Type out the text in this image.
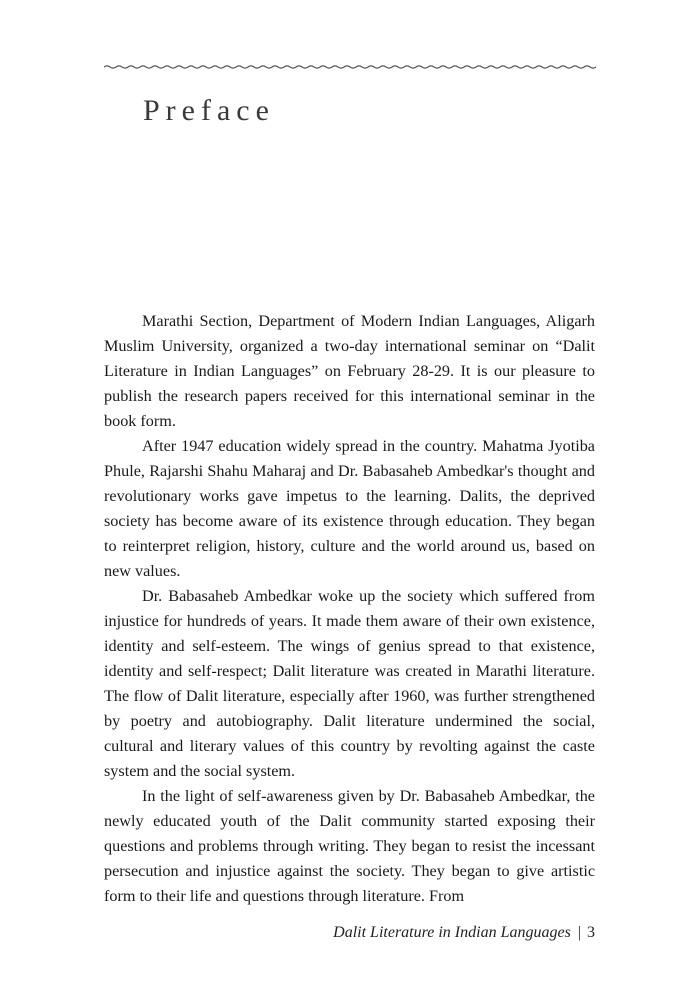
Preface

Marathi Section, Department of Modern Indian Languages, Aligarh Muslim University, organized a two-day international seminar on “Dalit Literature in Indian Languages” on February 28-29. It is our pleasure to publish the research papers received for this international seminar in the book form.

After 1947 education widely spread in the country. Mahatma Jyotiba Phule, Rajarshi Shahu Maharaj and Dr. Babasaheb Ambedkar's thought and revolutionary works gave impetus to the learning. Dalits, the deprived society has become aware of its existence through education. They began to reinterpret religion, history, culture and the world around us, based on new values.

Dr. Babasaheb Ambedkar woke up the society which suffered from injustice for hundreds of years. It made them aware of their own existence, identity and self-esteem. The wings of genius spread to that existence, identity and self-respect; Dalit literature was created in Marathi literature. The flow of Dalit literature, especially after 1960, was further strengthened by poetry and autobiography. Dalit literature undermined the social, cultural and literary values of this country by revolting against the caste system and the social system.

In the light of self-awareness given by Dr. Babasaheb Ambedkar, the newly educated youth of the Dalit community started exposing their questions and problems through writing. They began to resist the incessant persecution and injustice against the society. They began to give artistic form to their life and questions through literature. From

Dalit Literature in Indian Languages | 3
